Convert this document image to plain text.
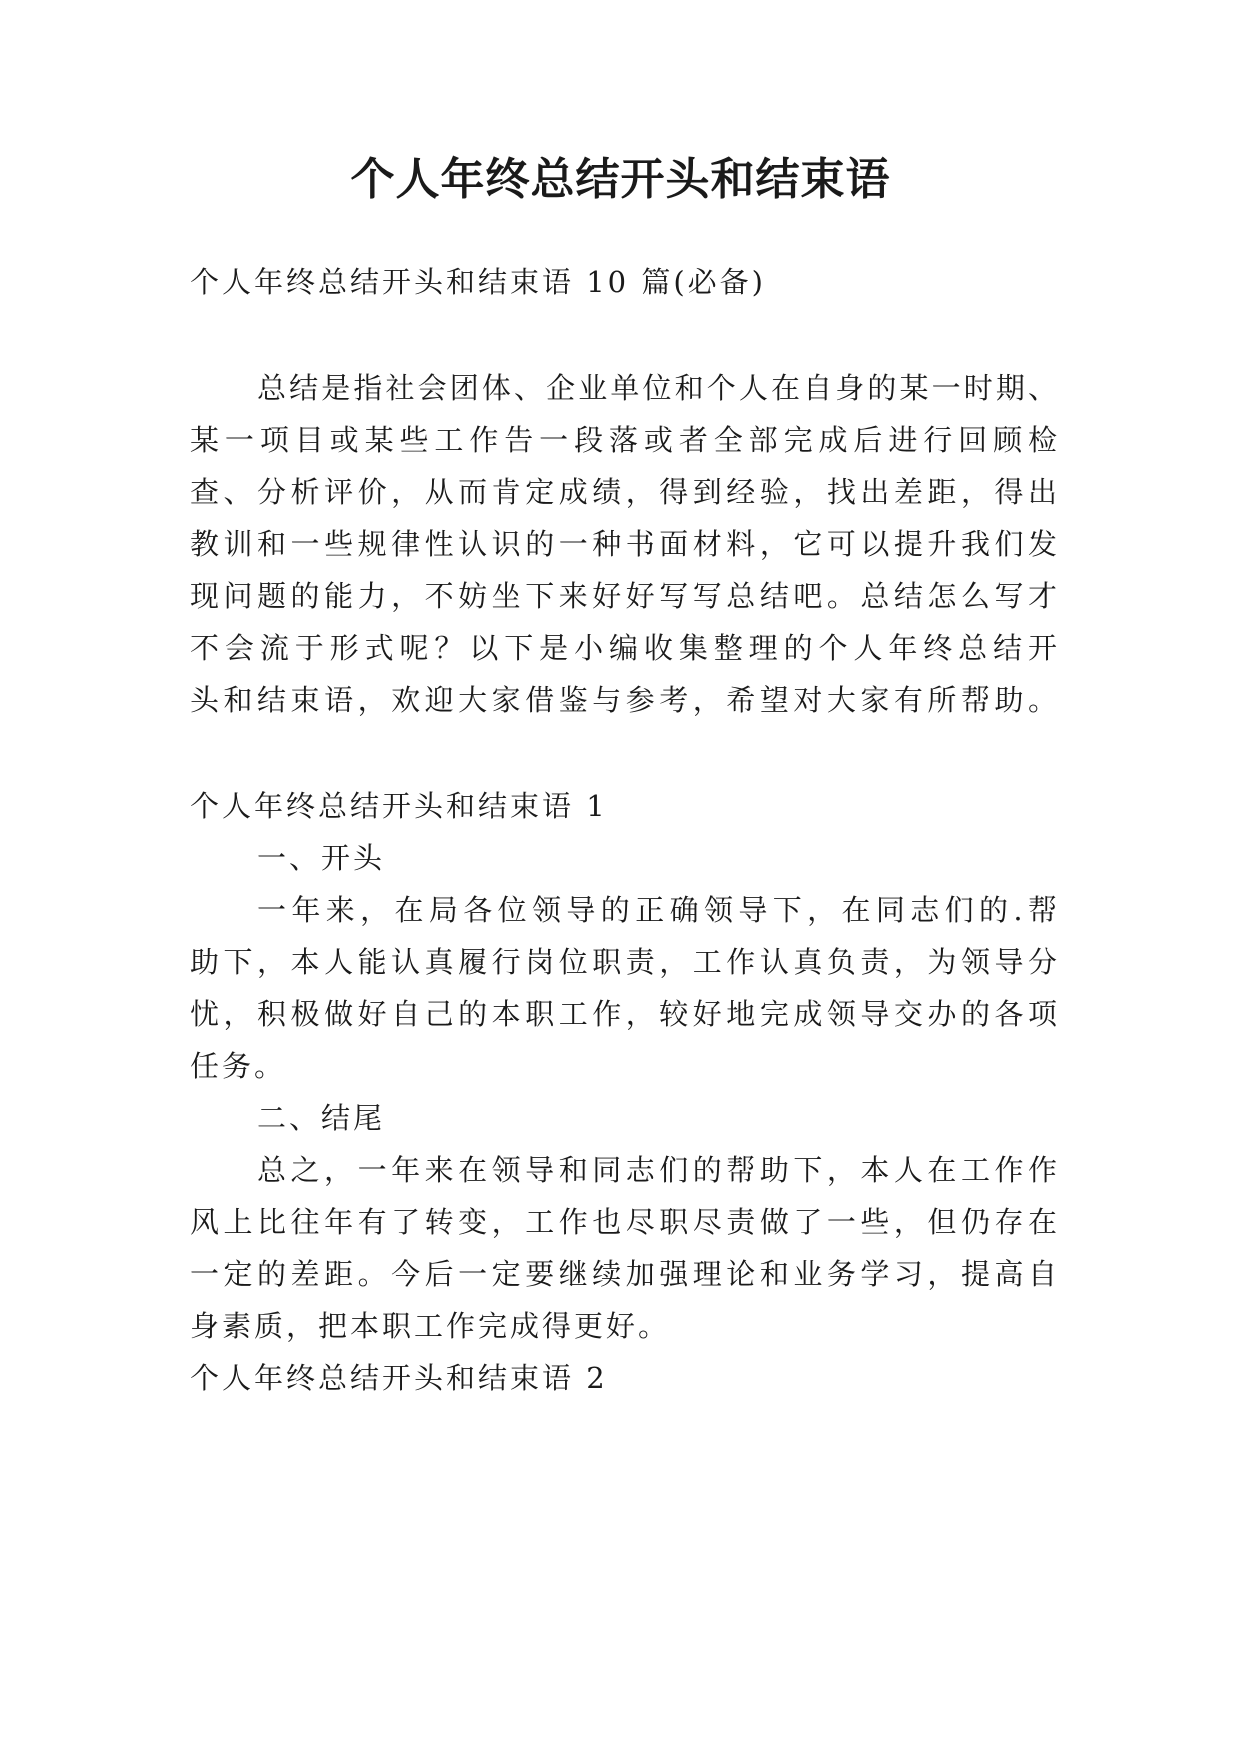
个人年终总结开头和结束语

个人年终总结开头和结束语 10 篇(必备)

总结是指社会团体、企业单位和个人在自身的某一时期、

某一项目或某些工作告一段落或者全部完成后进行回顾检

查、分析评价，从而肯定成绩，得到经验，找出差距，得出

教训和一些规律性认识的一种书面材料，它可以提升我们发

现问题的能力，不妨坐下来好好写写总结吧。总结怎么写才

不会流于形式呢？以下是小编收集整理的个人年终总结开

头和结束语，欢迎大家借鉴与参考，希望对大家有所帮助。

个人年终总结开头和结束语 1

一、开头

一年来，在局各位领导的正确领导下，在同志们的.帮

助下，本人能认真履行岗位职责，工作认真负责，为领导分

忧，积极做好自己的本职工作，较好地完成领导交办的各项

任务。

二、结尾

总之，一年来在领导和同志们的帮助下，本人在工作作

风上比往年有了转变，工作也尽职尽责做了一些，但仍存在

一定的差距。今后一定要继续加强理论和业务学习，提高自

身素质，把本职工作完成得更好。

个人年终总结开头和结束语 2
